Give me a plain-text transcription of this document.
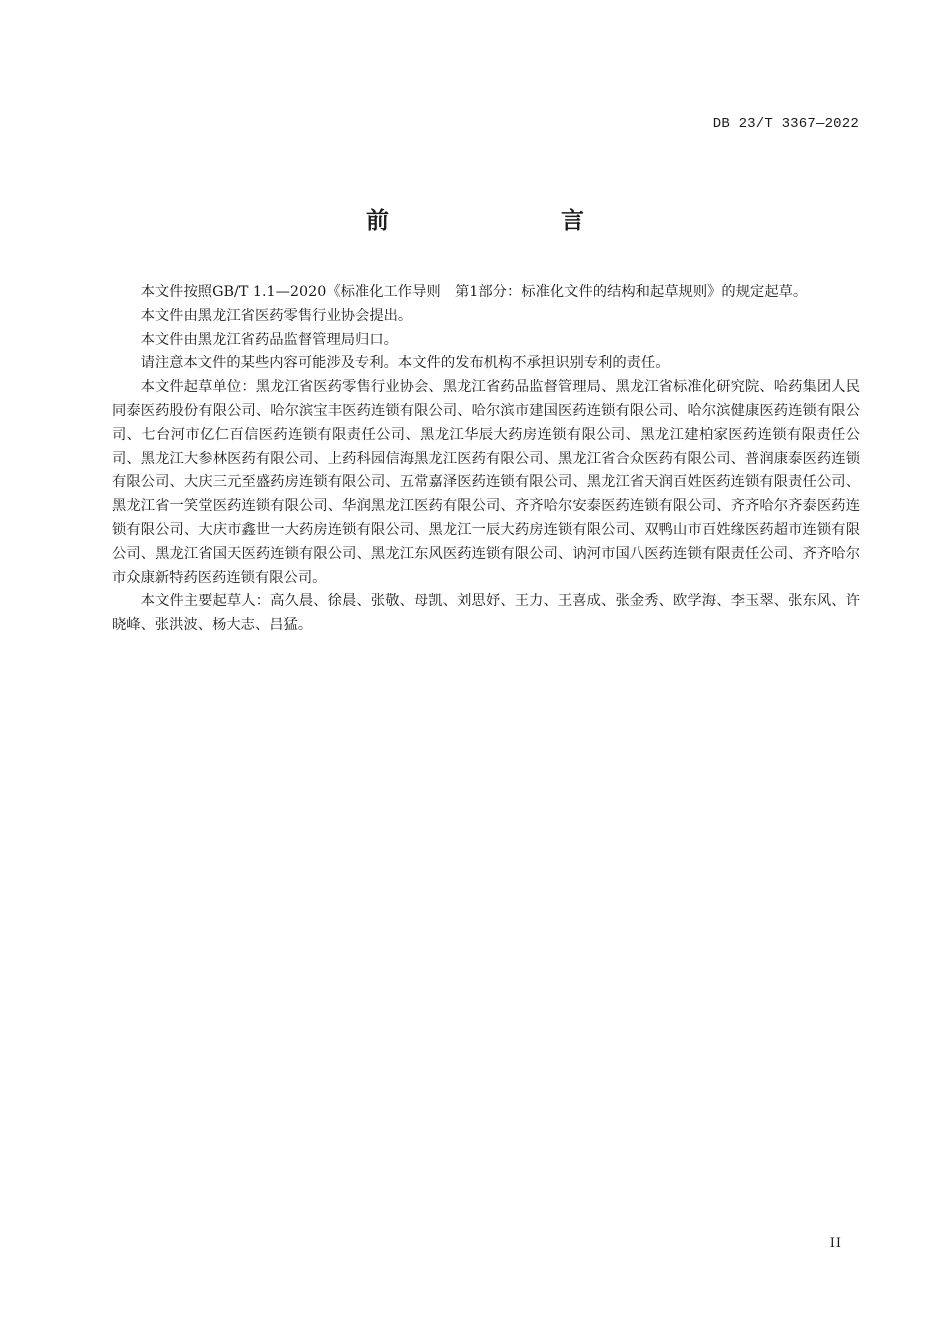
DB 23/T 3367—2022
前　　言

本文件按照GB/T 1.1—2020《标准化工作导则　第1部分：标准化文件的结构和起草规则》的规定起草。

本文件由黑龙江省医药零售行业协会提出。

本文件由黑龙江省药品监督管理局归口。

请注意本文件的某些内容可能涉及专利。本文件的发布机构不承担识别专利的责任。

本文件起草单位：黑龙江省医药零售行业协会、黑龙江省药品监督管理局、黑龙江省标准化研究院、哈药集团人民同泰医药股份有限公司、哈尔滨宝丰医药连锁有限公司、哈尔滨市建国医药连锁有限公司、哈尔滨健康医药连锁有限公司、七台河市亿仁百信医药连锁有限责任公司、黑龙江华辰大药房连锁有限公司、黑龙江建柏家医药连锁有限责任公司、黑龙江大参林医药有限公司、上药科园信海黑龙江医药有限公司、黑龙江省合众医药有限公司、普润康泰医药连锁有限公司、大庆三元至盛药房连锁有限公司、五常嘉泽医药连锁有限公司、黑龙江省天润百姓医药连锁有限责任公司、黑龙江省一笑堂医药连锁有限公司、华润黑龙江医药有限公司、齐齐哈尔安泰医药连锁有限公司、齐齐哈尔齐泰医药连锁有限公司、大庆市鑫世一大药房连锁有限公司、黑龙江一辰大药房连锁有限公司、双鸭山市百姓缘医药超市连锁有限公司、黑龙江省国天医药连锁有限公司、黑龙江东风医药连锁有限公司、讷河市国八医药连锁有限责任公司、齐齐哈尔市众康新特药医药连锁有限公司。

本文件主要起草人：高久晨、徐晨、张敬、母凯、刘思妤、王力、王喜成、张金秀、欧学海、李玉翠、张东风、许晓峰、张洪波、杨大志、吕猛。

II
